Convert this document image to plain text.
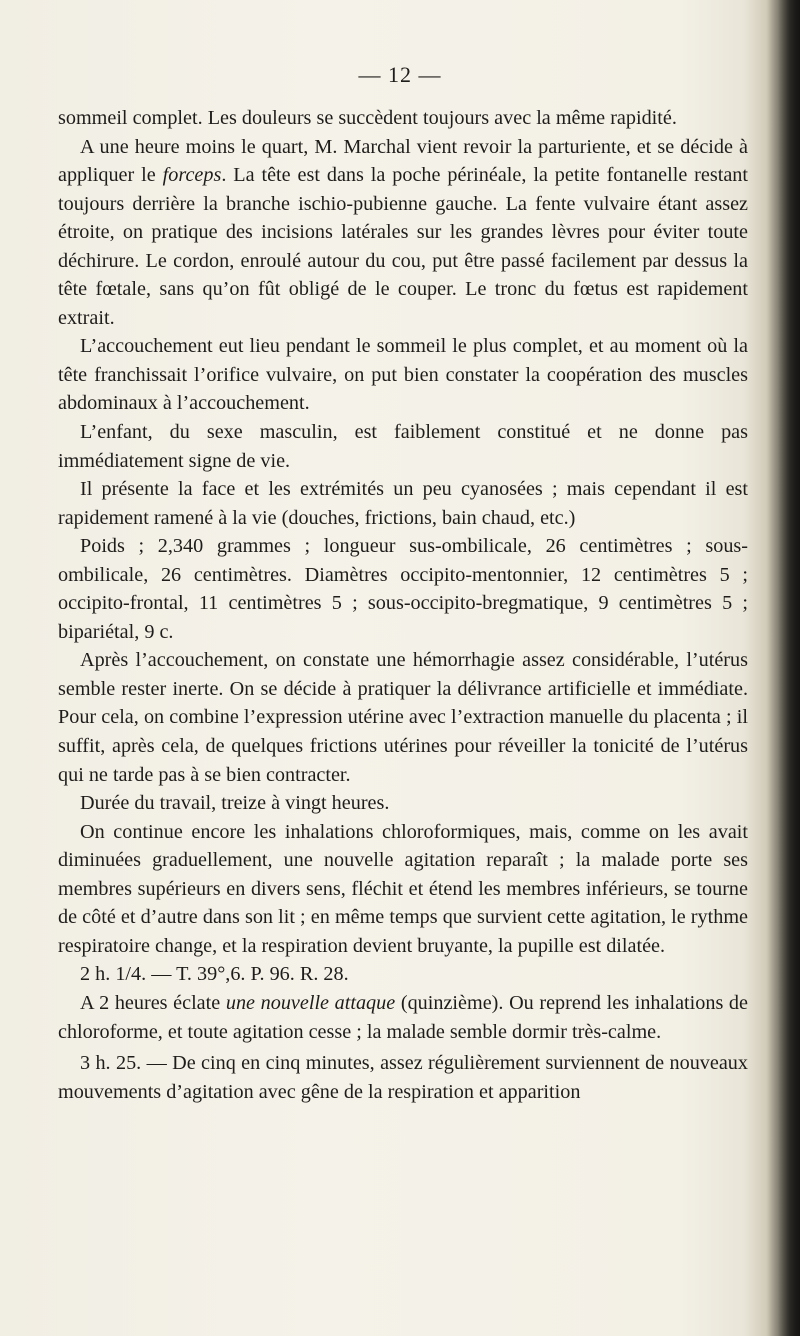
— 12 —

sommeil complet. Les douleurs se succèdent toujours avec la même rapidité.

A une heure moins le quart, M. Marchal vient revoir la parturiente, et se décide à appliquer le forceps. La tête est dans la poche périnéale, la petite fontanelle restant toujours derrière la branche ischio-pubienne gauche. La fente vulvaire étant assez étroite, on pratique des incisions latérales sur les grandes lèvres pour éviter toute déchirure. Le cordon, enroulé autour du cou, put être passé facilement par dessus la tête fœtale, sans qu’on fût obligé de le couper. Le tronc du fœtus est rapidement extrait.

L’accouchement eut lieu pendant le sommeil le plus complet, et au moment où la tête franchissait l’orifice vulvaire, on put bien constater la coopération des muscles abdominaux à l’accouchement.

L’enfant, du sexe masculin, est faiblement constitué et ne donne pas immédiatement signe de vie.

Il présente la face et les extrémités un peu cyanosées ; mais cependant il est rapidement ramené à la vie (douches, frictions, bain chaud, etc.)

Poids ; 2,340 grammes ; longueur sus-ombilicale, 26 centimètres ; sous-ombilicale, 26 centimètres. Diamètres occipito-mentonnier, 12 centimètres 5 ; occipito-frontal, 11 centimètres 5 ; sous-occipito-bregmatique, 9 centimètres 5 ; bipariétal, 9 c.

Après l’accouchement, on constate une hémorrhagie assez considérable, l’utérus semble rester inerte. On se décide à pratiquer la délivrance artificielle et immédiate. Pour cela, on combine l’expression utérine avec l’extraction manuelle du placenta ; il suffit, après cela, de quelques frictions utérines pour réveiller la tonicité de l’utérus qui ne tarde pas à se bien contracter.

Durée du travail, treize à vingt heures.

On continue encore les inhalations chloroformiques, mais, comme on les avait diminuées graduellement, une nouvelle agitation reparaît ; la malade porte ses membres supérieurs en divers sens, fléchit et étend les membres inférieurs, se tourne de côté et d’autre dans son lit ; en même temps que survient cette agitation, le rythme respiratoire change, et la respiration devient bruyante, la pupille est dilatée.

2 h. 1/4. — T. 39°,6. P. 96. R. 28.

A 2 heures éclate une nouvelle attaque (quinzième). Ou reprend les inhalations de chloroforme, et toute agitation cesse ; la malade semble dormir très-calme.

3 h. 25. — De cinq en cinq minutes, assez régulièrement surviennent de nouveaux mouvements d’agitation avec gêne de la respiration et apparition
